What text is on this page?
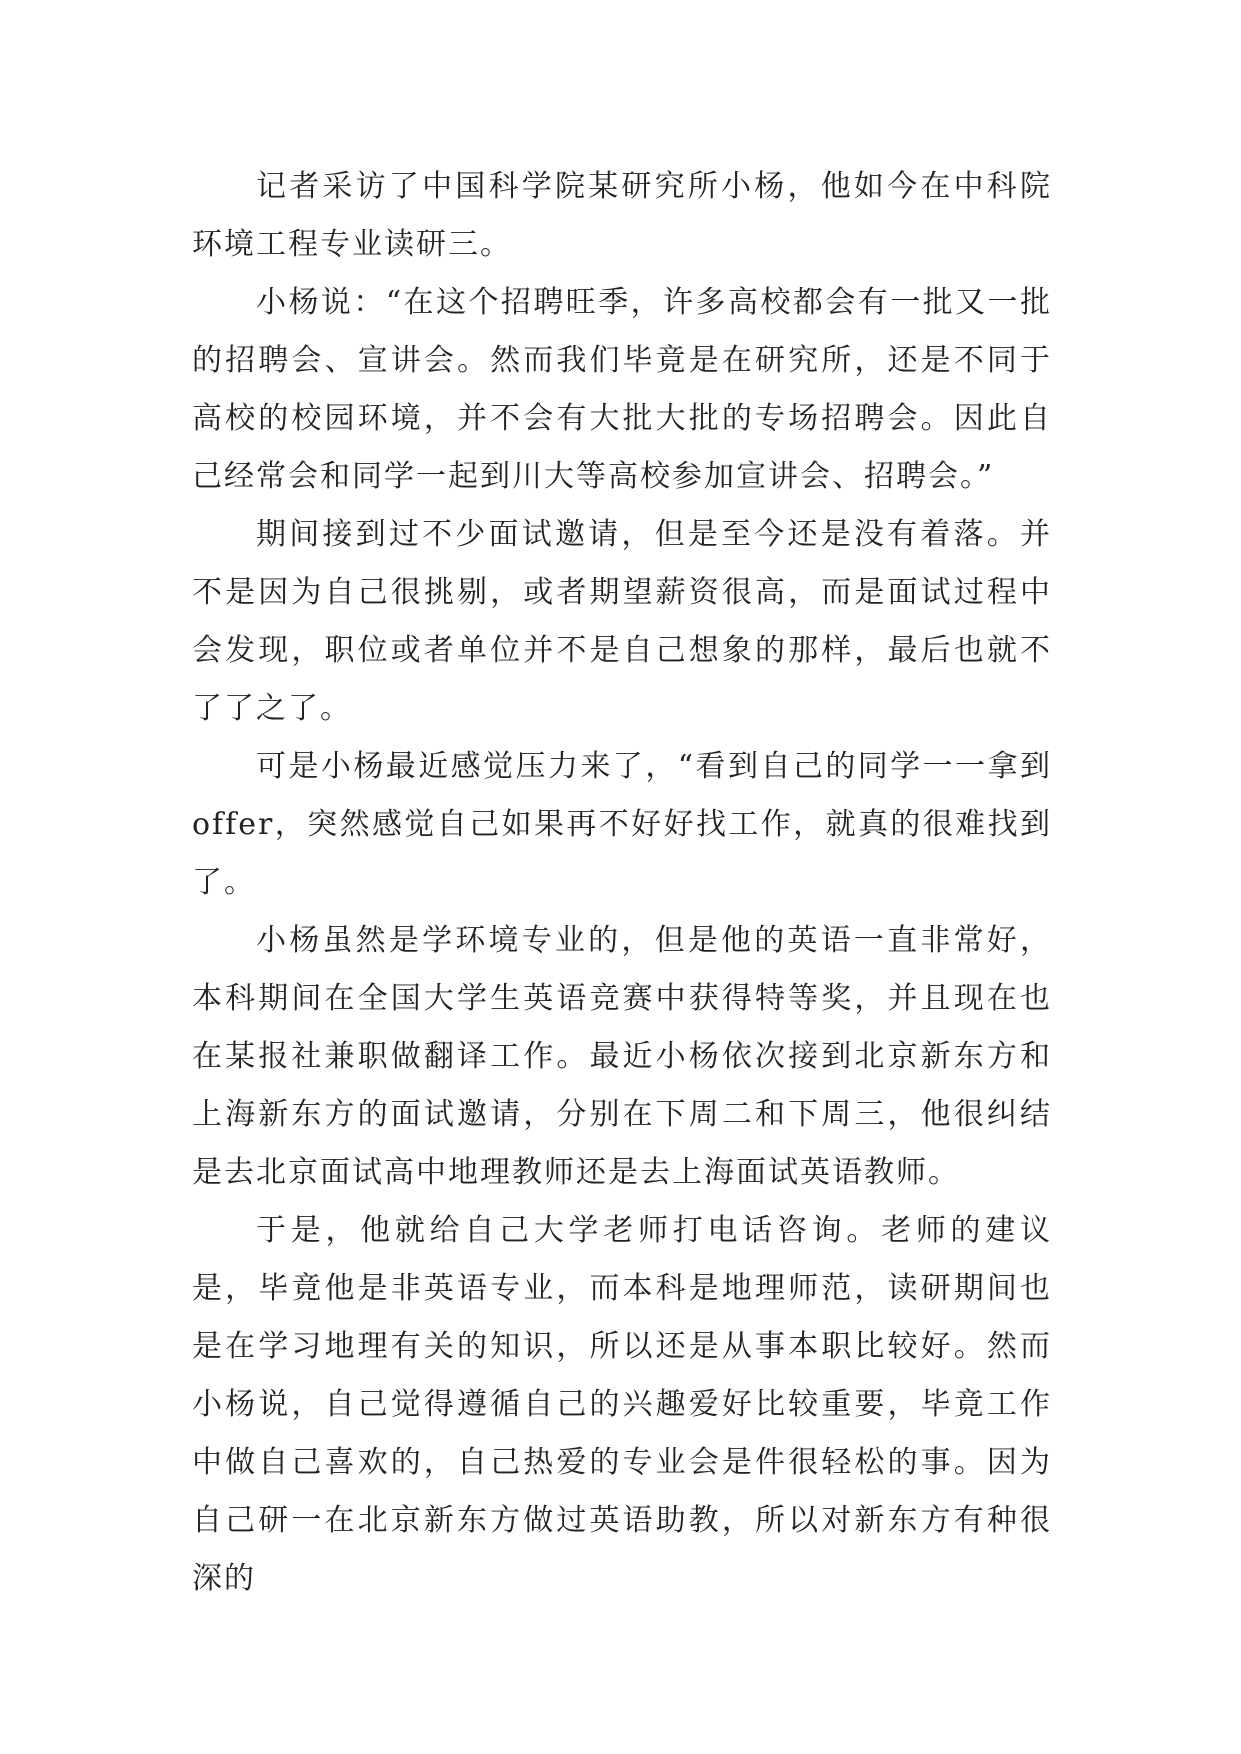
记者采访了中国科学院某研究所小杨，他如今在中科院环境工程专业读研三。

小杨说：“在这个招聘旺季，许多高校都会有一批又一批的招聘会、宣讲会。然而我们毕竟是在研究所，还是不同于高校的校园环境，并不会有大批大批的专场招聘会。因此自己经常会和同学一起到川大等高校参加宣讲会、招聘会。”

期间接到过不少面试邀请，但是至今还是没有着落。并不是因为自己很挑剔，或者期望薪资很高，而是面试过程中会发现，职位或者单位并不是自己想象的那样，最后也就不了了之了。

可是小杨最近感觉压力来了，“看到自己的同学一一拿到offer，突然感觉自己如果再不好好找工作，就真的很难找到了。

小杨虽然是学环境专业的，但是他的英语一直非常好，本科期间在全国大学生英语竞赛中获得特等奖，并且现在也在某报社兼职做翻译工作。最近小杨依次接到北京新东方和上海新东方的面试邀请，分别在下周二和下周三，他很纠结是去北京面试高中地理教师还是去上海面试英语教师。

于是，他就给自己大学老师打电话咨询。老师的建议是，毕竟他是非英语专业，而本科是地理师范，读研期间也是在学习地理有关的知识，所以还是从事本职比较好。然而小杨说，自己觉得遵循自己的兴趣爱好比较重要，毕竟工作中做自己喜欢的，自己热爱的专业会是件很轻松的事。因为自己研一在北京新东方做过英语助教，所以对新东方有种很深的
